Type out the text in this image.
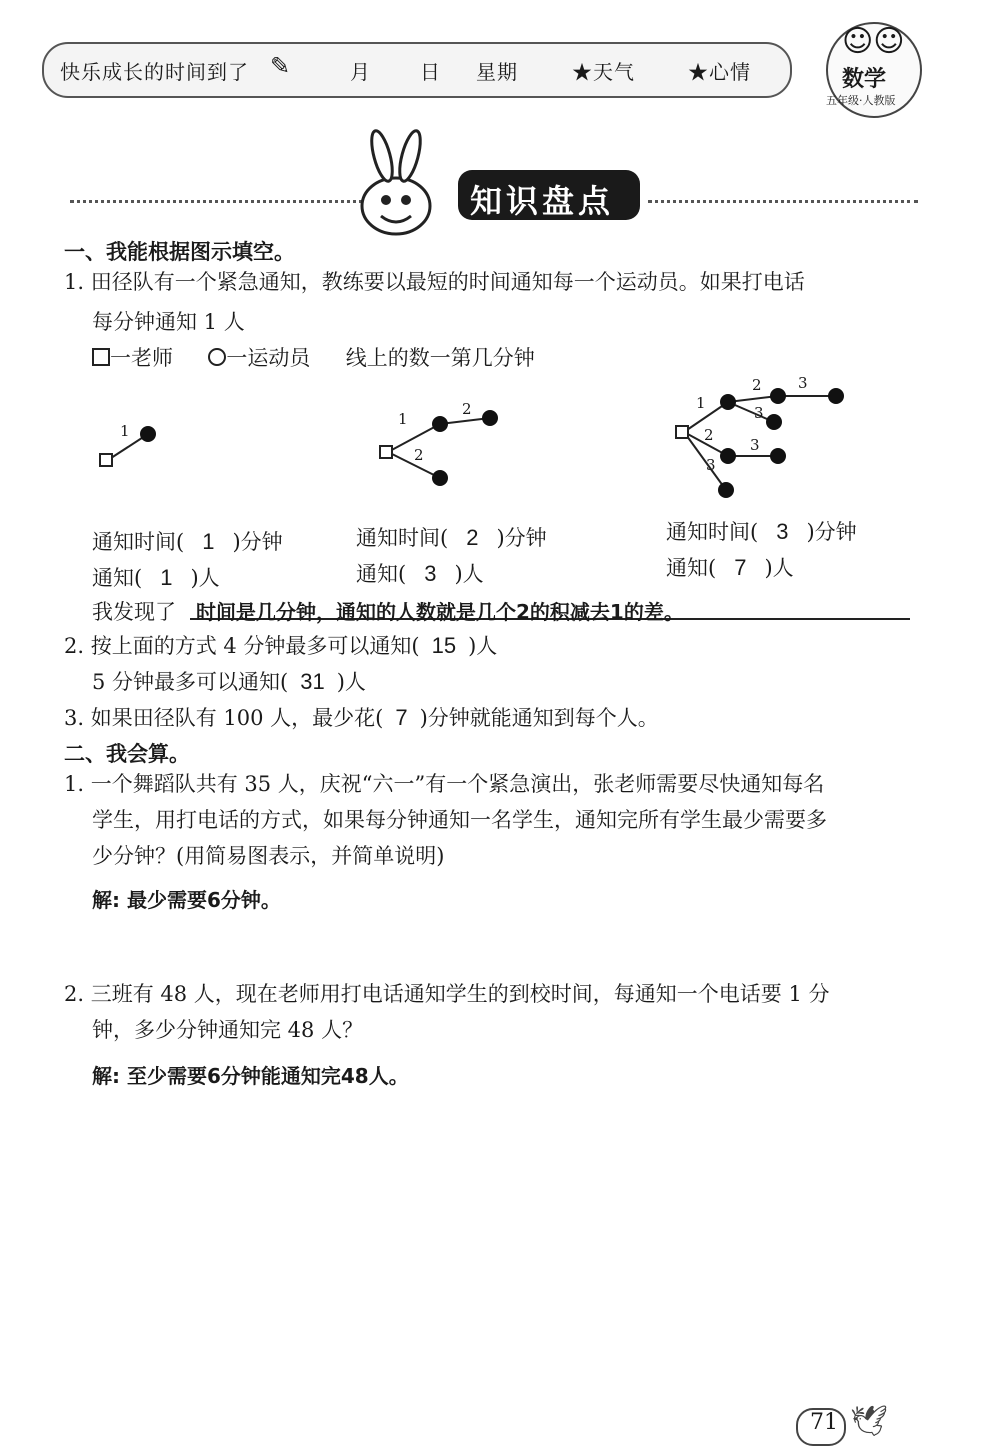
快乐成长的时间到了 ✎	月 日 星期	★天气	★心情
☺☺
数学
五年级·人教版
知识盘点
一、我能根据图示填空。
1. 田径队有一个紧急通知，教练要以最短的时间通知每一个运动员。如果打电话
每分钟通知 1 人
一老师	一运动员 线上的数一第几分钟
1
1
2
2
1
2 3
3
2
3
3
通知时间( 1 )分钟
通知( 1 )人
通知时间( 2 )分钟
通知( 3 )人
通知时间( 3 )分钟
通知( 7 )人
我发现了 时间是几分钟，通知的人数就是几个2的积减去1的差。
2. 按上面的方式 4 分钟最多可以通知( 15 )人
5 分钟最多可以通知( 31 )人
3. 如果田径队有 100 人，最少花( 7 )分钟就能通知到每个人。
二、我会算。
1. 一个舞蹈队共有 35 人，庆祝“六一”有一个紧急演出，张老师需要尽快通知每名
学生，用打电话的方式，如果每分钟通知一名学生，通知完所有学生最少需要多
少分钟？(用简易图表示，并简单说明)
解: 最少需要6分钟。
2. 三班有 48 人，现在老师用打电话通知学生的到校时间，每通知一个电话要 1 分
钟，多少分钟通知完 48 人？
解: 至少需要6分钟能通知完48人。
71 🕊
